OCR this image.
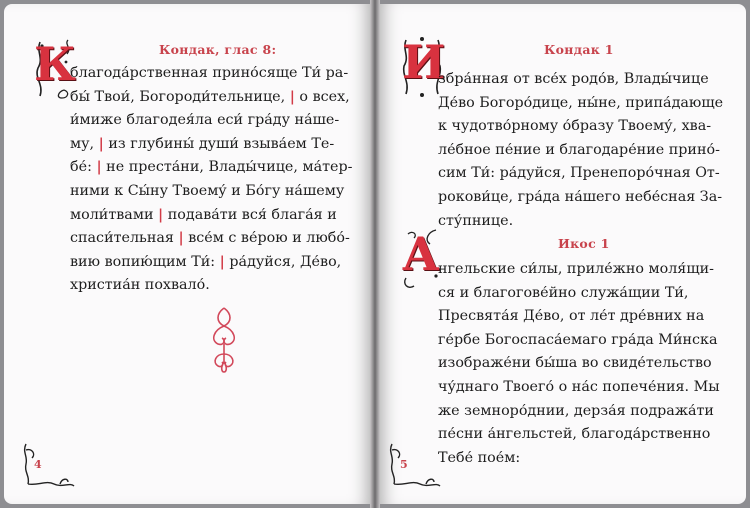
Кондак, глас 8:
К
благода́рственная прино́сяще Ти́ ра-
бы́ Твои́, Богороди́тельнице, | о всех,
и́миже благодея́ла еси́ гра́ду на́ше-
му, | из глубины́ души́ взыва́ем Те-
бе́: | не преста́ни, Влады́чице, ма́тер-
ними к Сы́ну Твоему́ и Бо́гу на́шему
моли́твами | подава́ти вся́ блага́я и
спаси́тельная | все́м с ве́рою и любо́-
вию вопию́щим Ти́: | ра́дуйся, Де́во,
христиа́н похвало́.
4
Кондак 1
И
збра́нная от все́х родо́в, Влады́чице
Де́во Богоро́дице, ны́не, припа́дающе
к чудотво́рному о́бразу Твоему́, хва-
ле́бное пе́ние и благодаре́ние прино́-
сим Ти́: ра́дуйся, Пренепоро́чная От-
рокови́це, гра́да на́шего небе́сная За-
сту́пнице.
Икос 1
А
нгельские си́лы, приле́жно моля́щи-
ся и благогове́йно служа́щии Ти́,
Пресвята́я Де́во, от ле́т дре́вних на
ге́рбе Богоспаса́емаго гра́да Ми́нска
изображе́ни бы́ша во свиде́тельство
чу́днаго Твоего́ о на́с попече́ния. Мы
же земноро́днии, дерза́я подража́ти
пе́сни а́нгельстей, благода́рственно
Тебе́ пое́м:
5
